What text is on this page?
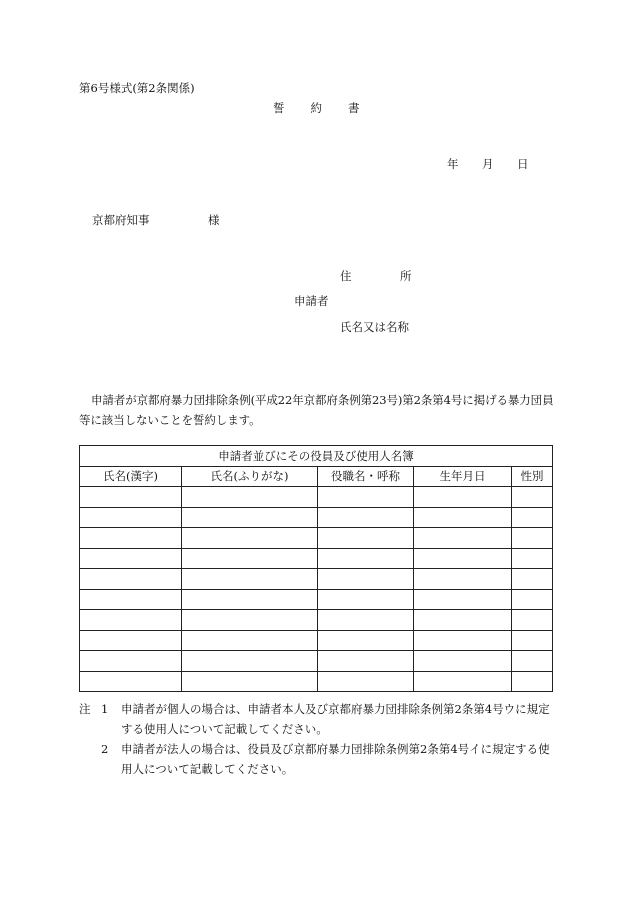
第6号様式(第2条関係)
誓 約 書
年 月 日
京都府知事	様
住	所
申請者
氏名又は名称
申請者が京都府暴力団排除条例(平成22年京都府条例第23号)第2条第4号に掲げる暴力団員等に該当しないことを誓約します。
申請者並びにその役員及び使用人名簿				
氏名(漢字)	氏名(ふりがな)	役職名・呼称	生年月日	性別

注 1	申請者が個人の場合は、申請者本人及び京都府暴力団排除条例第2条第4号ウに規定する使用人について記載してください。
2	申請者が法人の場合は、役員及び京都府暴力団排除条例第2条第4号イに規定する使用人について記載してください。
